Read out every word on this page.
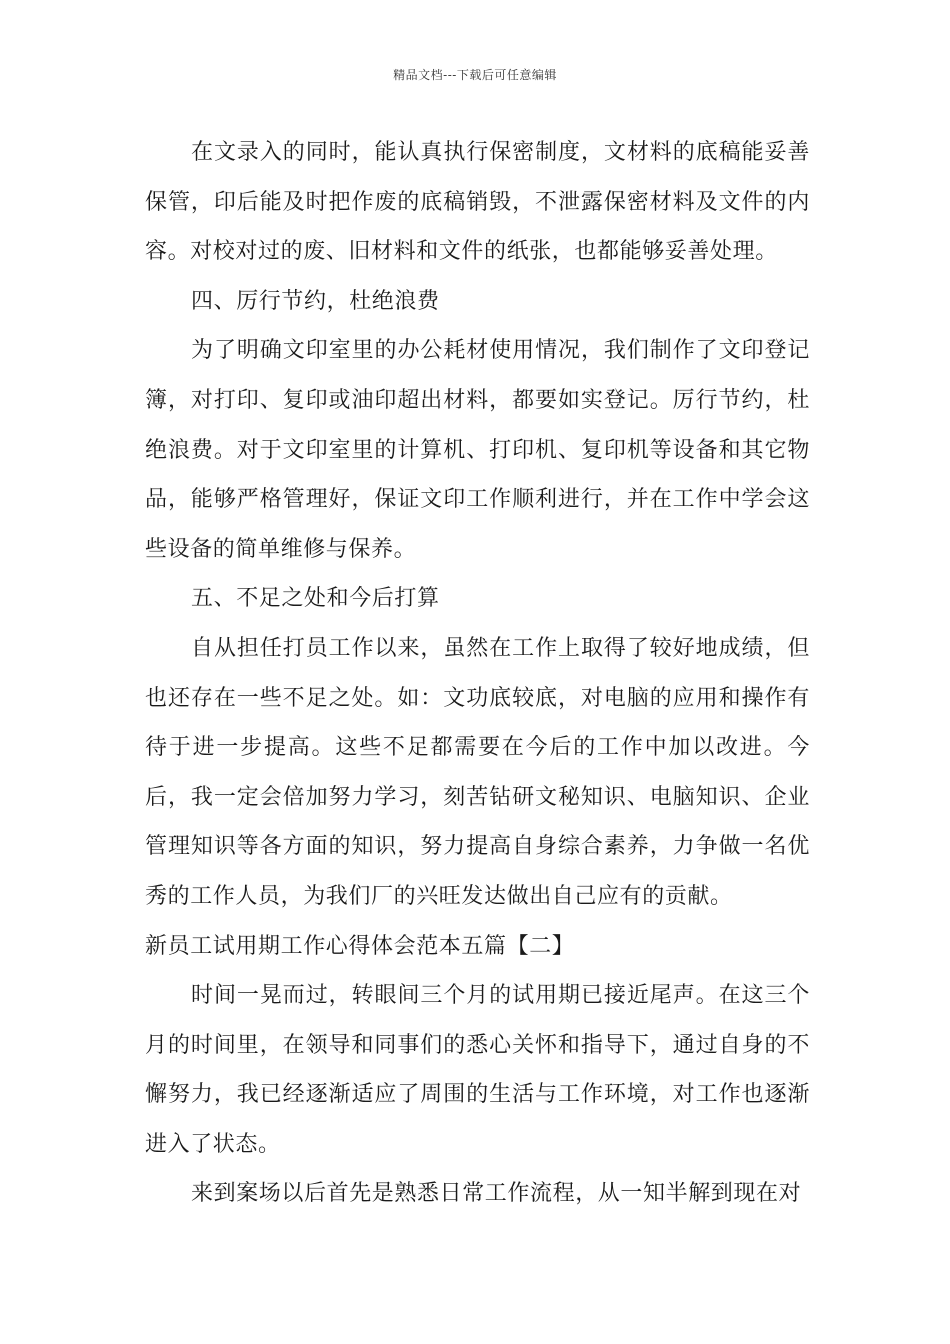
精品文档---下载后可任意编辑

在文录入的同时，能认真执行保密制度，文材料的底稿能妥善保管，印后能及时把作废的底稿销毁，不泄露保密材料及文件的内容。对校对过的废、旧材料和文件的纸张，也都能够妥善处理。

四、厉行节约，杜绝浪费

为了明确文印室里的办公耗材使用情况，我们制作了文印登记簿，对打印、复印或油印超出材料，都要如实登记。厉行节约，杜绝浪费。对于文印室里的计算机、打印机、复印机等设备和其它物品，能够严格管理好，保证文印工作顺利进行，并在工作中学会这些设备的简单维修与保养。

五、不足之处和今后打算

自从担任打员工作以来，虽然在工作上取得了较好地成绩，但也还存在一些不足之处。如：文功底较底，对电脑的应用和操作有待于进一步提高。这些不足都需要在今后的工作中加以改进。今后，我一定会倍加努力学习，刻苦钻研文秘知识、电脑知识、企业管理知识等各方面的知识，努力提高自身综合素养，力争做一名优秀的工作人员，为我们厂的兴旺发达做出自己应有的贡献。

新员工试用期工作心得体会范本五篇【二】

时间一晃而过，转眼间三个月的试用期已接近尾声。在这三个月的时间里，在领导和同事们的悉心关怀和指导下，通过自身的不懈努力，我已经逐渐适应了周围的生活与工作环境，对工作也逐渐进入了状态。

来到案场以后首先是熟悉日常工作流程，从一知半解到现在对
